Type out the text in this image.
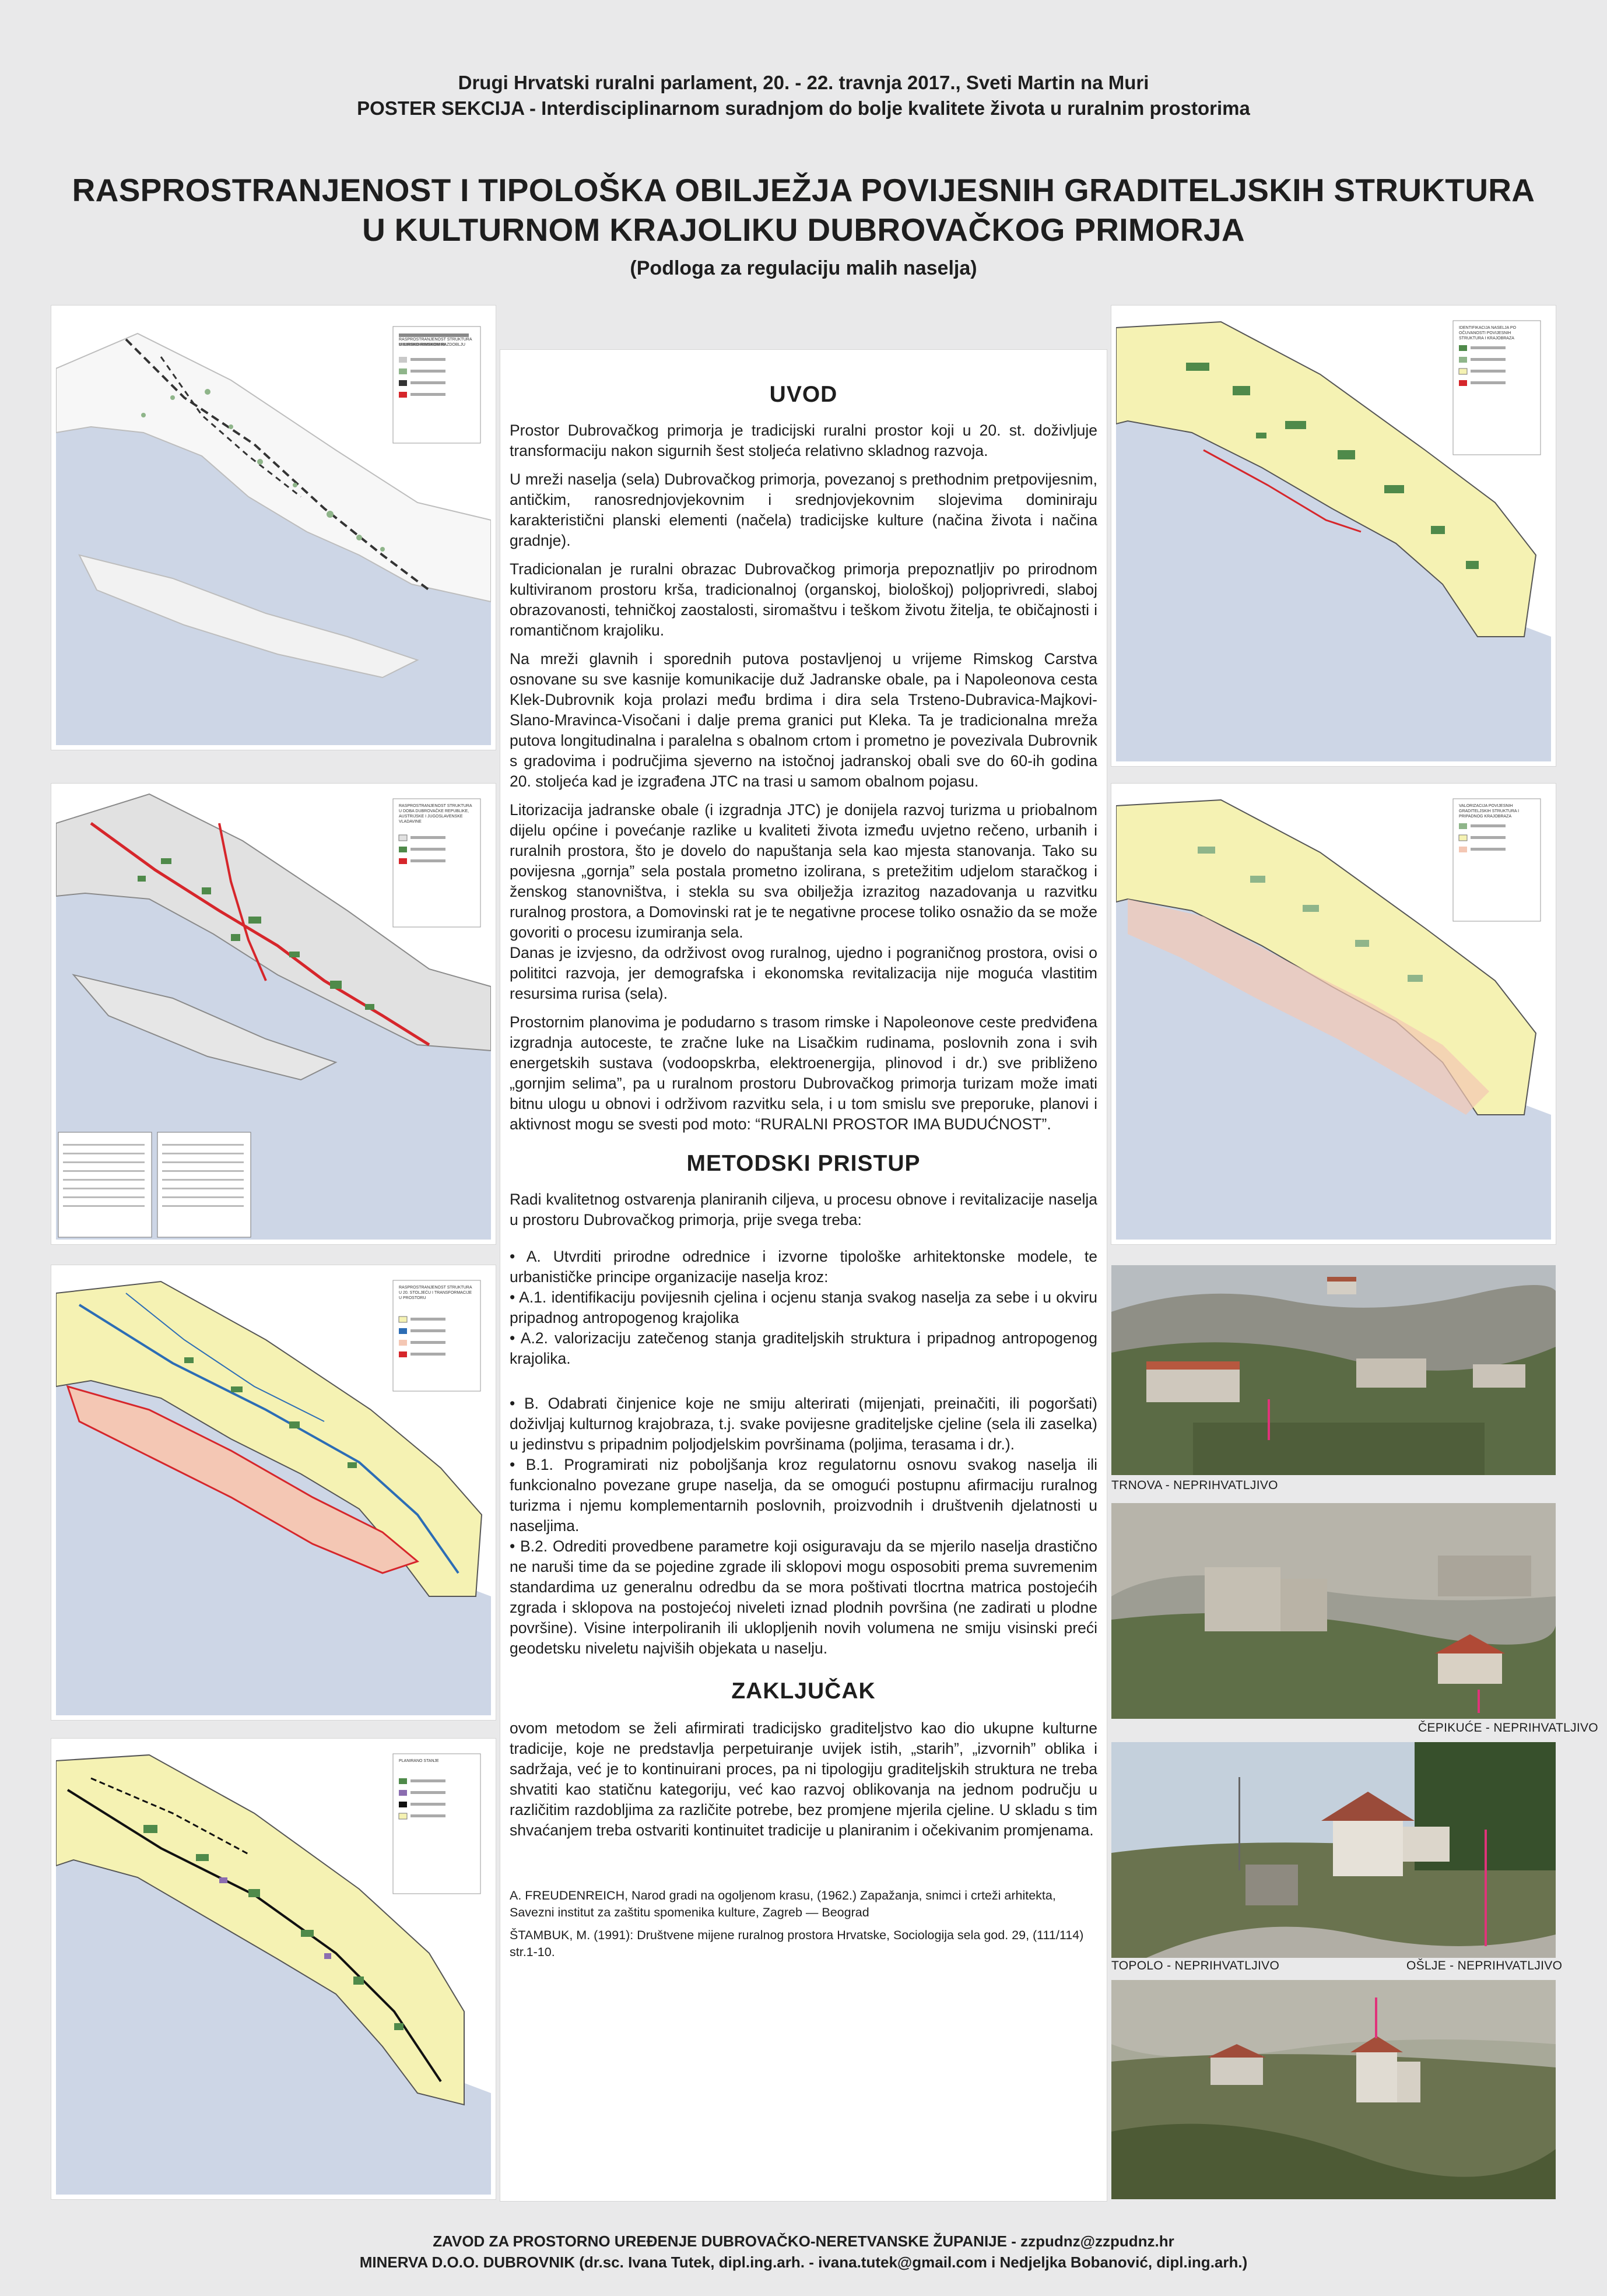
Drugi Hrvatski ruralni parlament, 20. - 22. travnja 2017., Sveti Martin na Muri
POSTER SEKCIJA - Interdisciplinarnom suradnjom do bolje kvalitete života u ruralnim prostorima
RASPROSTRANJENOST I TIPOLOŠKA OBILJEŽJA POVIJESNIH GRADITELJSKIH STRUKTURA
U KULTURNOM KRAJOLIKU DUBROVAČKOG PRIMORJA
(Podloga za regulaciju malih naselja)
RASPROSTRANJENOST STRUKTURA U ILIRSKO-RIMSKOM RAZDOBLJU
RASPROSTRANJENOST STRUKTURA U DOBA DUBROVAČKE REPUBLIKE, AUSTRIJSKE I JUGOSLAVENSKE VLADAVINE
RASPROSTRANJENOST STRUKTURA U 20. STOLJEĆU I TRANSFORMACIJE U PROSTORU
PLANIRANO STANJE
IDENTIFIKACIJA NASELJA PO OČUVANOSTI POVIJESNIH STRUKTURA I KRAJOBRAZA
VALORIZACIJA POVIJESNIH GRADITELJSKIH STRUKTURA I PRIPADNOG KRAJOBRAZA
TRNOVA - NEPRIHVATLJIVO
ČEPIKUĆE - NEPRIHVATLJIVO
TOPOLO - NEPRIHVATLJIVO	OŠLJE - NEPRIHVATLJIVO
UVOD

Prostor Dubrovačkog primorja je tradicijski ruralni prostor koji u 20. st. doživljuje transformaciju nakon sigurnih šest stoljeća relativno skladnog razvoja.

U mreži naselja (sela) Dubrovačkog primorja, povezanoj s prethodnim pretpovijesnim, antičkim, ranosrednjovjekovnim i srednjovjekovnim slojevima dominiraju karakteristični planski elementi (načela) tradicijske kulture (načina života i načina gradnje).

Tradicionalan je ruralni obrazac Dubrovačkog primorja prepoznatljiv po prirodnom kultiviranom prostoru krša, tradicionalnoj (organskoj, biološkoj) poljoprivredi, slaboj obrazovanosti, tehničkoj zaostalosti, siromaštvu i teškom životu žitelja, te običajnosti i romantičnom krajoliku.

Na mreži glavnih i sporednih putova postavljenoj u vrijeme Rimskog Carstva osnovane su sve kasnije komunikacije duž Jadranske obale, pa i Napoleonova cesta Klek-Dubrovnik koja prolazi među brdima i dira sela Trsteno-Dubravica-Majkovi-Slano-Mravinca-Visočani i dalje prema granici put Kleka. Ta je tradicionalna mreža putova longitudinalna i paralelna s obalnom crtom i prometno je povezivala Dubrovnik s gradovima i područjima sjeverno na istočnoj jadranskoj obali sve do 60-ih godina 20. stoljeća kad je izgrađena JTC na trasi u samom obalnom pojasu.

Litorizacija jadranske obale (i izgradnja JTC) je donijela razvoj turizma u priobalnom dijelu općine i povećanje razlike u kvaliteti života između uvjetno rečeno, urbanih i ruralnih prostora, što je dovelo do napuštanja sela kao mjesta stanovanja. Tako su povijesna „gornja” sela postala prometno izolirana, s pretežitim udjelom staračkog i ženskog stanovništva, i stekla su sva obilježja izrazitog nazadovanja u razvitku ruralnog prostora, a Domovinski rat je te negativne procese toliko osnažio da se može govoriti o procesu izumiranja sela.

Danas je izvjesno, da održivost ovog ruralnog, ujedno i pograničnog prostora, ovisi o polititci razvoja, jer demografska i ekonomska revitalizacija nije moguća vlastitim resursima rurisa (sela).

Prostornim planovima je podudarno s trasom rimske i Napoleonove ceste predviđena izgradnja autoceste, te zračne luke na Lisačkim rudinama, poslovnih zona i svih energetskih sustava (vodoopskrba, elektroenergija, plinovod i dr.) sve približeno „gornjim selima”, pa u ruralnom prostoru Dubrovačkog primorja turizam može imati bitnu ulogu u obnovi i održivom razvitku sela, i u tom smislu sve preporuke, planovi i aktivnost mogu se svesti pod moto: “RURALNI PROSTOR IMA BUDUĆNOST”.

METODSKI PRISTUP

Radi kvalitetnog ostvarenja planiranih ciljeva, u procesu obnove i revitalizacije naselja u prostoru Dubrovačkog primorja, prije svega treba:

• A. Utvrditi prirodne odrednice i izvorne tipološke arhitektonske modele, te urbanističke principe organizacije naselja kroz:
• A.1. identifikaciju povijesnih cjelina i ocjenu stanja svakog naselja za sebe i u okviru pripadnog antropogenog krajolika
• A.2. valorizaciju zatečenog stanja graditeljskih struktura i pripadnog antropogenog krajolika.
• B. Odabrati činjenice koje ne smiju alterirati (mijenjati, preinačiti, ili pogoršati) doživljaj kulturnog krajobraza, t.j. svake povijesne graditeljske cjeline (sela ili zaselka) u jedinstvu s pripadnim poljodjelskim površinama (poljima, terasama i dr.).
• B.1. Programirati niz poboljšanja kroz regulatornu osnovu svakog naselja ili funkcionalno povezane grupe naselja, da se omogući postupnu afirmaciju ruralnog turizma i njemu komplementarnih poslovnih, proizvodnih i društvenih djelatnosti u naseljima.
• B.2. Odrediti provedbene parametre koji osiguravaju da se mjerilo naselja drastično ne naruši time da se pojedine zgrade ili sklopovi mogu osposobiti prema suvremenim standardima uz generalnu odredbu da se mora poštivati tlocrtna matrica postojećih zgrada i sklopova na postojećoj niveleti iznad plodnih površina (ne zadirati u plodne površine). Visine interpoliranih ili ukloplјenih novih volumena ne smiju visinski preći geodetsku niveletu najviših objekata u naselju.
ZAKLJUČAK

ovom metodom se želi afirmirati tradicijsko graditeljstvo kao dio ukupne kulturne tradicije, koje ne predstavlja perpetuiranje uvijek istih, „starih”, „izvornih” oblika i sadržaja, već je to kontinuirani proces, pa ni tipologiju graditeljskih struktura ne treba shvatiti kao statičnu kategoriju, već kao razvoj oblikovanja na jednom području u različitim razdobljima za različite potrebe, bez promjene mjerila cjeline. U skladu s tim shvaćanjem treba ostvariti kontinuitet tradicije u planiranim i očekivanim promjenama.

A. FREUDENREICH, Narod gradi na ogoljenom krasu, (1962.) Zapažanja, snimci i crteži arhitekta, Savezni institut za zaštitu spomenika kulture, Zagreb — Beograd

ŠTAMBUK, M. (1991): Društvene mijene ruralnog prostora Hrvatske, Sociologija sela god. 29, (111/114) str.1-10.

ZAVOD ZA PROSTORNO UREĐENJE DUBROVAČKO-NERETVANSKE ŽUPANIJE - zzpudnz@zzpudnz.hr
MINERVA D.O.O. DUBROVNIK (dr.sc. Ivana Tutek, dipl.ing.arh. - ivana.tutek@gmail.com i Nedjeljka Bobanović, dipl.ing.arh.)
